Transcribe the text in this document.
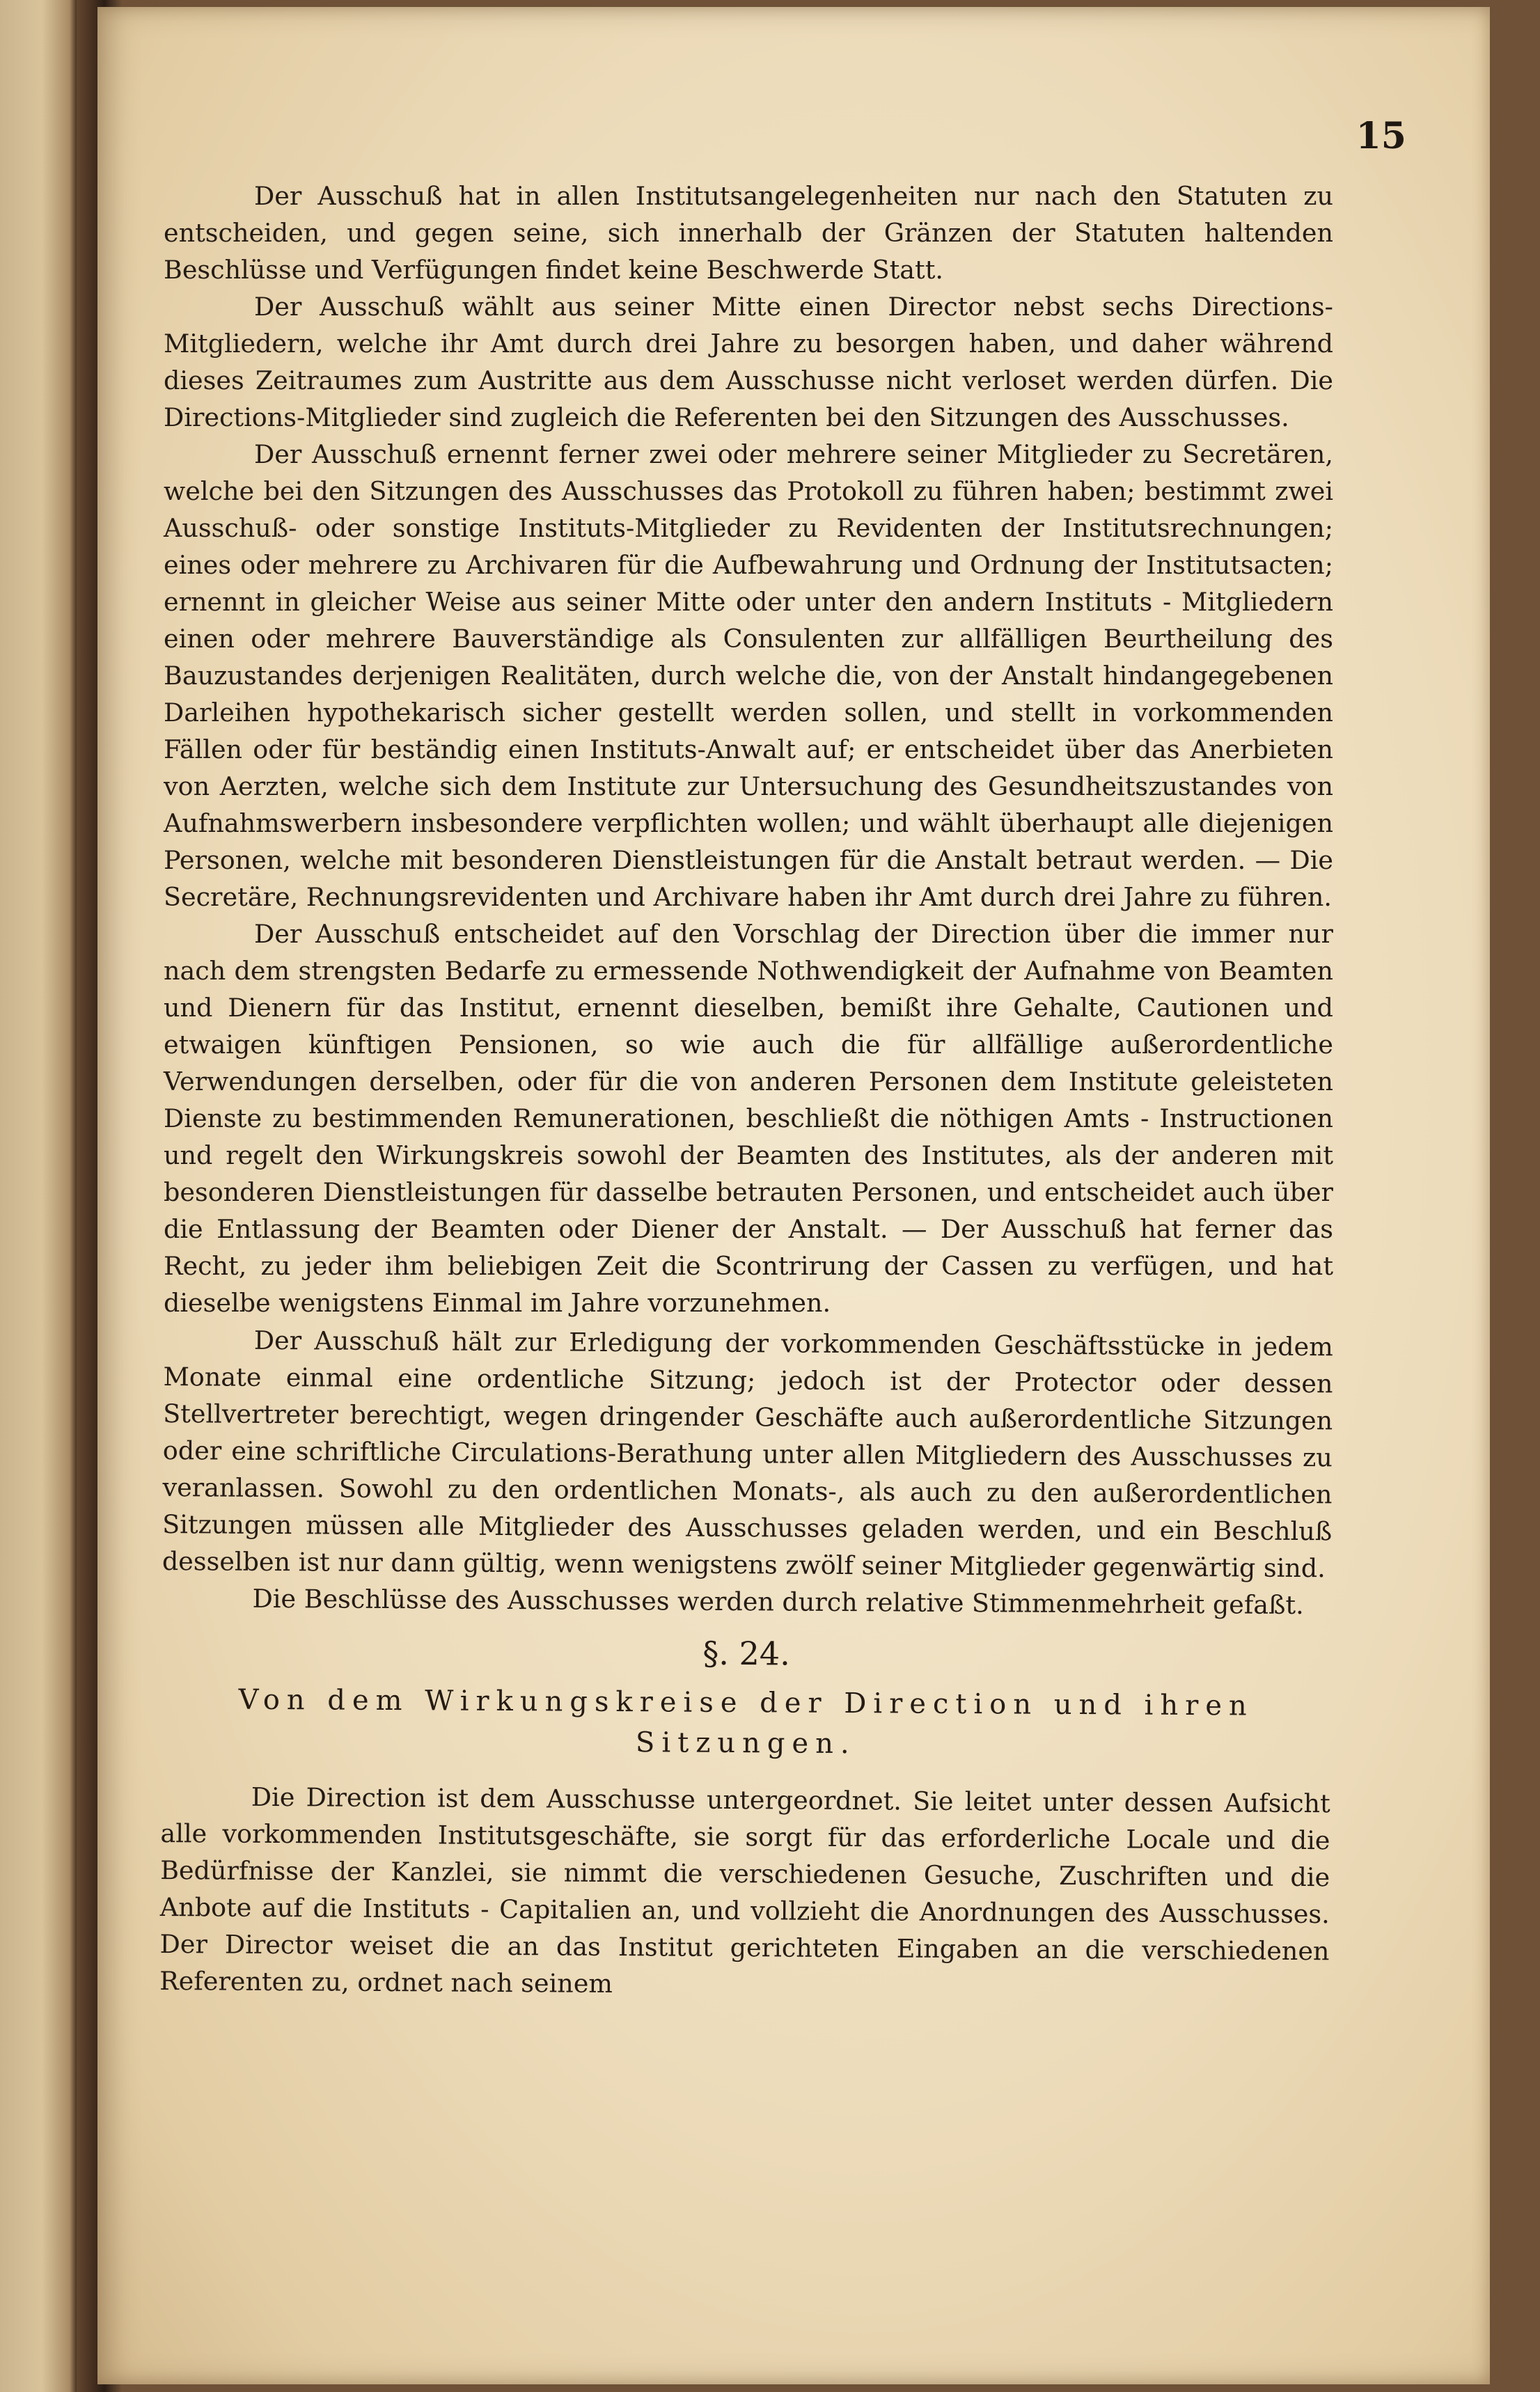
15

Der Ausschuß hat in allen Institutsangelegenheiten nur nach den Statuten zu entscheiden, und gegen seine, sich innerhalb der Gränzen der Statuten haltenden Beschlüsse und Verfügungen findet keine Beschwerde Statt.

Der Ausschuß wählt aus seiner Mitte einen Director nebst sechs Directions-Mitgliedern, welche ihr Amt durch drei Jahre zu besorgen haben, und daher während dieses Zeitraumes zum Austritte aus dem Ausschusse nicht verloset werden dürfen. Die Directions-Mitglieder sind zugleich die Referenten bei den Sitzungen des Ausschusses.

Der Ausschuß ernennt ferner zwei oder mehrere seiner Mitglieder zu Secretären, welche bei den Sitzungen des Ausschusses das Protokoll zu führen haben; bestimmt zwei Ausschuß- oder sonstige Instituts-Mitglieder zu Revidenten der Institutsrechnungen; eines oder mehrere zu Archivaren für die Aufbewahrung und Ordnung der Institutsacten; ernennt in gleicher Weise aus seiner Mitte oder unter den andern Instituts - Mitgliedern einen oder mehrere Bauverständige als Consulenten zur allfälligen Beurtheilung des Bauzustandes derjenigen Realitäten, durch welche die, von der Anstalt hindangegebenen Darleihen hypothekarisch sicher gestellt werden sollen, und stellt in vorkommenden Fällen oder für beständig einen Instituts-Anwalt auf; er entscheidet über das Anerbieten von Aerzten, welche sich dem Institute zur Untersuchung des Gesundheitszustandes von Aufnahmswerbern insbesondere verpflichten wollen; und wählt überhaupt alle diejenigen Personen, welche mit besonderen Dienstleistungen für die Anstalt betraut werden. — Die Secretäre, Rechnungsrevidenten und Archivare haben ihr Amt durch drei Jahre zu führen.

Der Ausschuß entscheidet auf den Vorschlag der Direction über die immer nur nach dem strengsten Bedarfe zu ermessende Nothwendigkeit der Aufnahme von Beamten und Dienern für das Institut, ernennt dieselben, bemißt ihre Gehalte, Cautionen und etwaigen künftigen Pensionen, so wie auch die für allfällige außerordentliche Verwendungen derselben, oder für die von anderen Personen dem Institute geleisteten Dienste zu bestimmenden Remunerationen, beschließt die nöthigen Amts - Instructionen und regelt den Wirkungskreis sowohl der Beamten des Institutes, als der anderen mit besonderen Dienstleistungen für dasselbe betrauten Personen, und entscheidet auch über die Entlassung der Beamten oder Diener der Anstalt. — Der Ausschuß hat ferner das Recht, zu jeder ihm beliebigen Zeit die Scontrirung der Cassen zu verfügen, und hat dieselbe wenigstens Einmal im Jahre vorzunehmen.

Der Ausschuß hält zur Erledigung der vorkommenden Geschäftsstücke in jedem Monate einmal eine ordentliche Sitzung; jedoch ist der Protector oder dessen Stellvertreter berechtigt, wegen dringender Geschäfte auch außerordentliche Sitzungen oder eine schriftliche Circulations-Berathung unter allen Mitgliedern des Ausschusses zu veranlassen. Sowohl zu den ordentlichen Monats-, als auch zu den außerordentlichen Sitzungen müssen alle Mitglieder des Ausschusses geladen werden, und ein Beschluß desselben ist nur dann gültig, wenn wenigstens zwölf seiner Mitglieder gegenwärtig sind.

Die Beschlüsse des Ausschusses werden durch relative Stimmenmehrheit gefaßt.

§. 24.
Von dem Wirkungskreise der Direction und ihren Sitzungen.

Die Direction ist dem Ausschusse untergeordnet. Sie leitet unter dessen Aufsicht alle vorkommenden Institutsgeschäfte, sie sorgt für das erforderliche Locale und die Bedürfnisse der Kanzlei, sie nimmt die verschiedenen Gesuche, Zuschriften und die Anbote auf die Instituts - Capitalien an, und vollzieht die Anordnungen des Ausschusses. Der Director weiset die an das Institut gerichteten Eingaben an die verschiedenen Referenten zu, ordnet nach seinem
